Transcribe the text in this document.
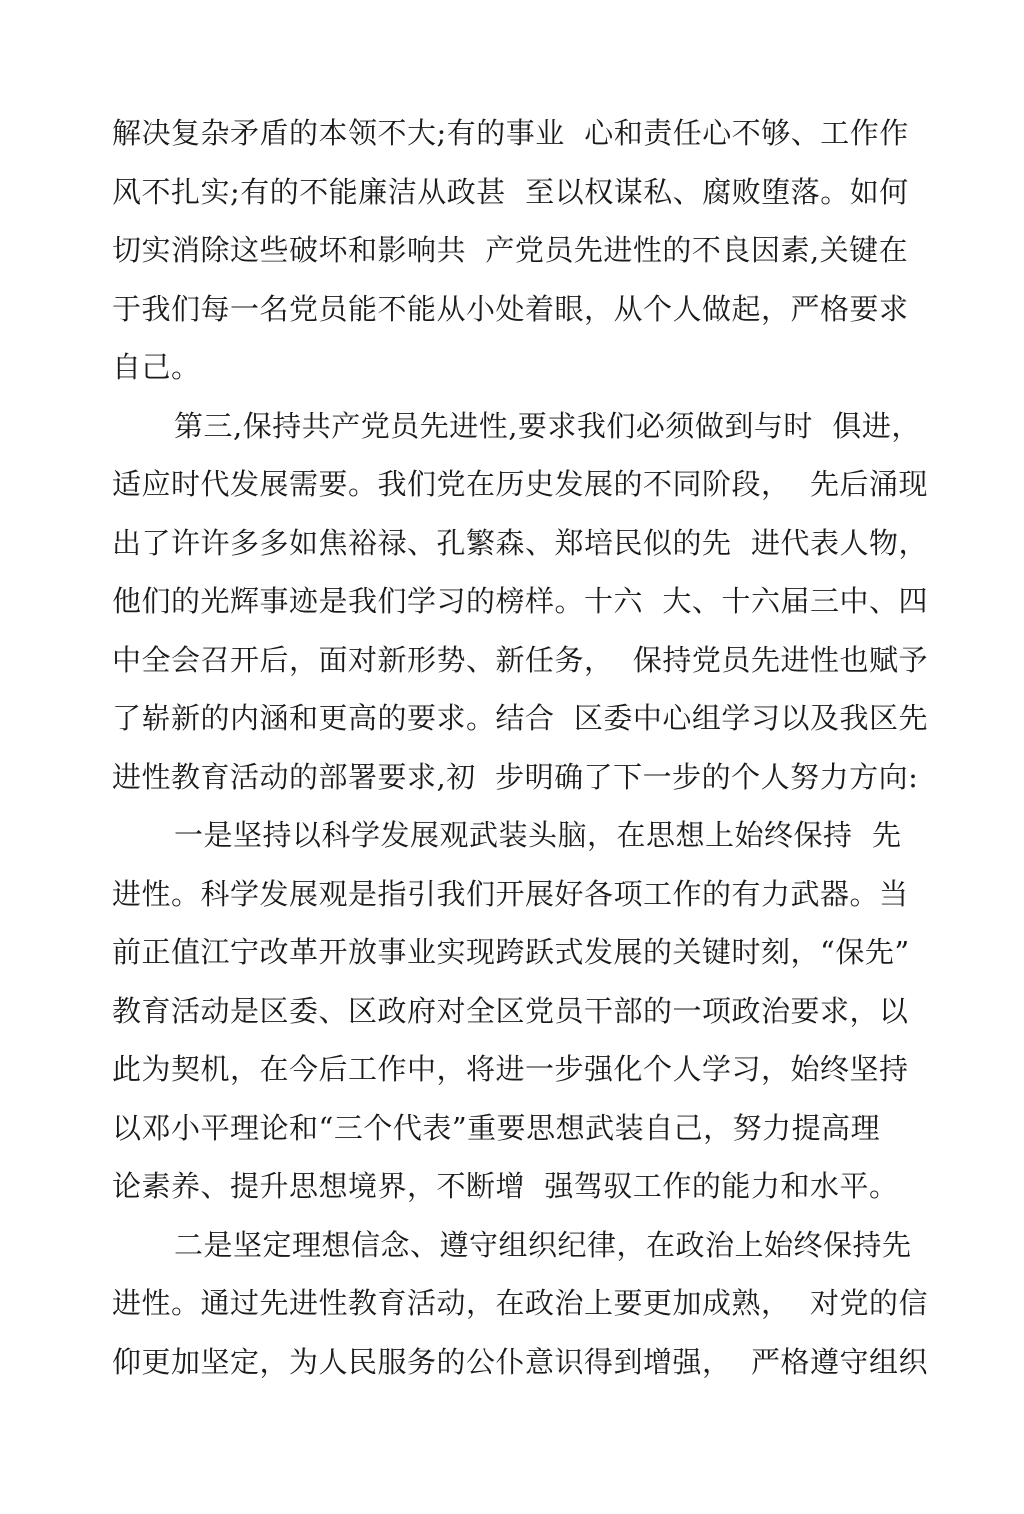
解决复杂矛盾的本领不大;有的事业  心和责任心不够、工作作
风不扎实;有的不能廉洁从政甚  至以权谋私、腐败堕落。如何
切实消除这些破坏和影响共  产党员先进性的不良因素,关键在
于我们每一名党员能不能从小处着眼，从个人做起，严格要求
自己。
第三,保持共产党员先进性,要求我们必须做到与时  俱进，
适应时代发展需要。我们党在历史发展的不同阶段，  先后涌现
出了许许多多如焦裕禄、孔繁森、郑培民似的先  进代表人物，
他们的光辉事迹是我们学习的榜样。十六  大、十六届三中、四
中全会召开后，面对新形势、新任务，  保持党员先进性也赋予
了崭新的内涵和更高的要求。结合  区委中心组学习以及我区先
进性教育活动的部署要求,初  步明确了下一步的个人努力方向:
一是坚持以科学发展观武装头脑，在思想上始终保持  先
进性。科学发展观是指引我们开展好各项工作的有力武器。当
前正值江宁改革开放事业实现跨跃式发展的关键时刻，“保先”
教育活动是区委、区政府对全区党员干部的一项政治要求，以
此为契机，在今后工作中，将进一步强化个人学习，始终坚持
以邓小平理论和“三个代表”重要思想武装自己，努力提高理
论素养、提升思想境界，不断增  强驾驭工作的能力和水平。
二是坚定理想信念、遵守组织纪律，在政治上始终保持先
进性。通过先进性教育活动，在政治上要更加成熟，  对党的信
仰更加坚定，为人民服务的公仆意识得到增强，  严格遵守组织
